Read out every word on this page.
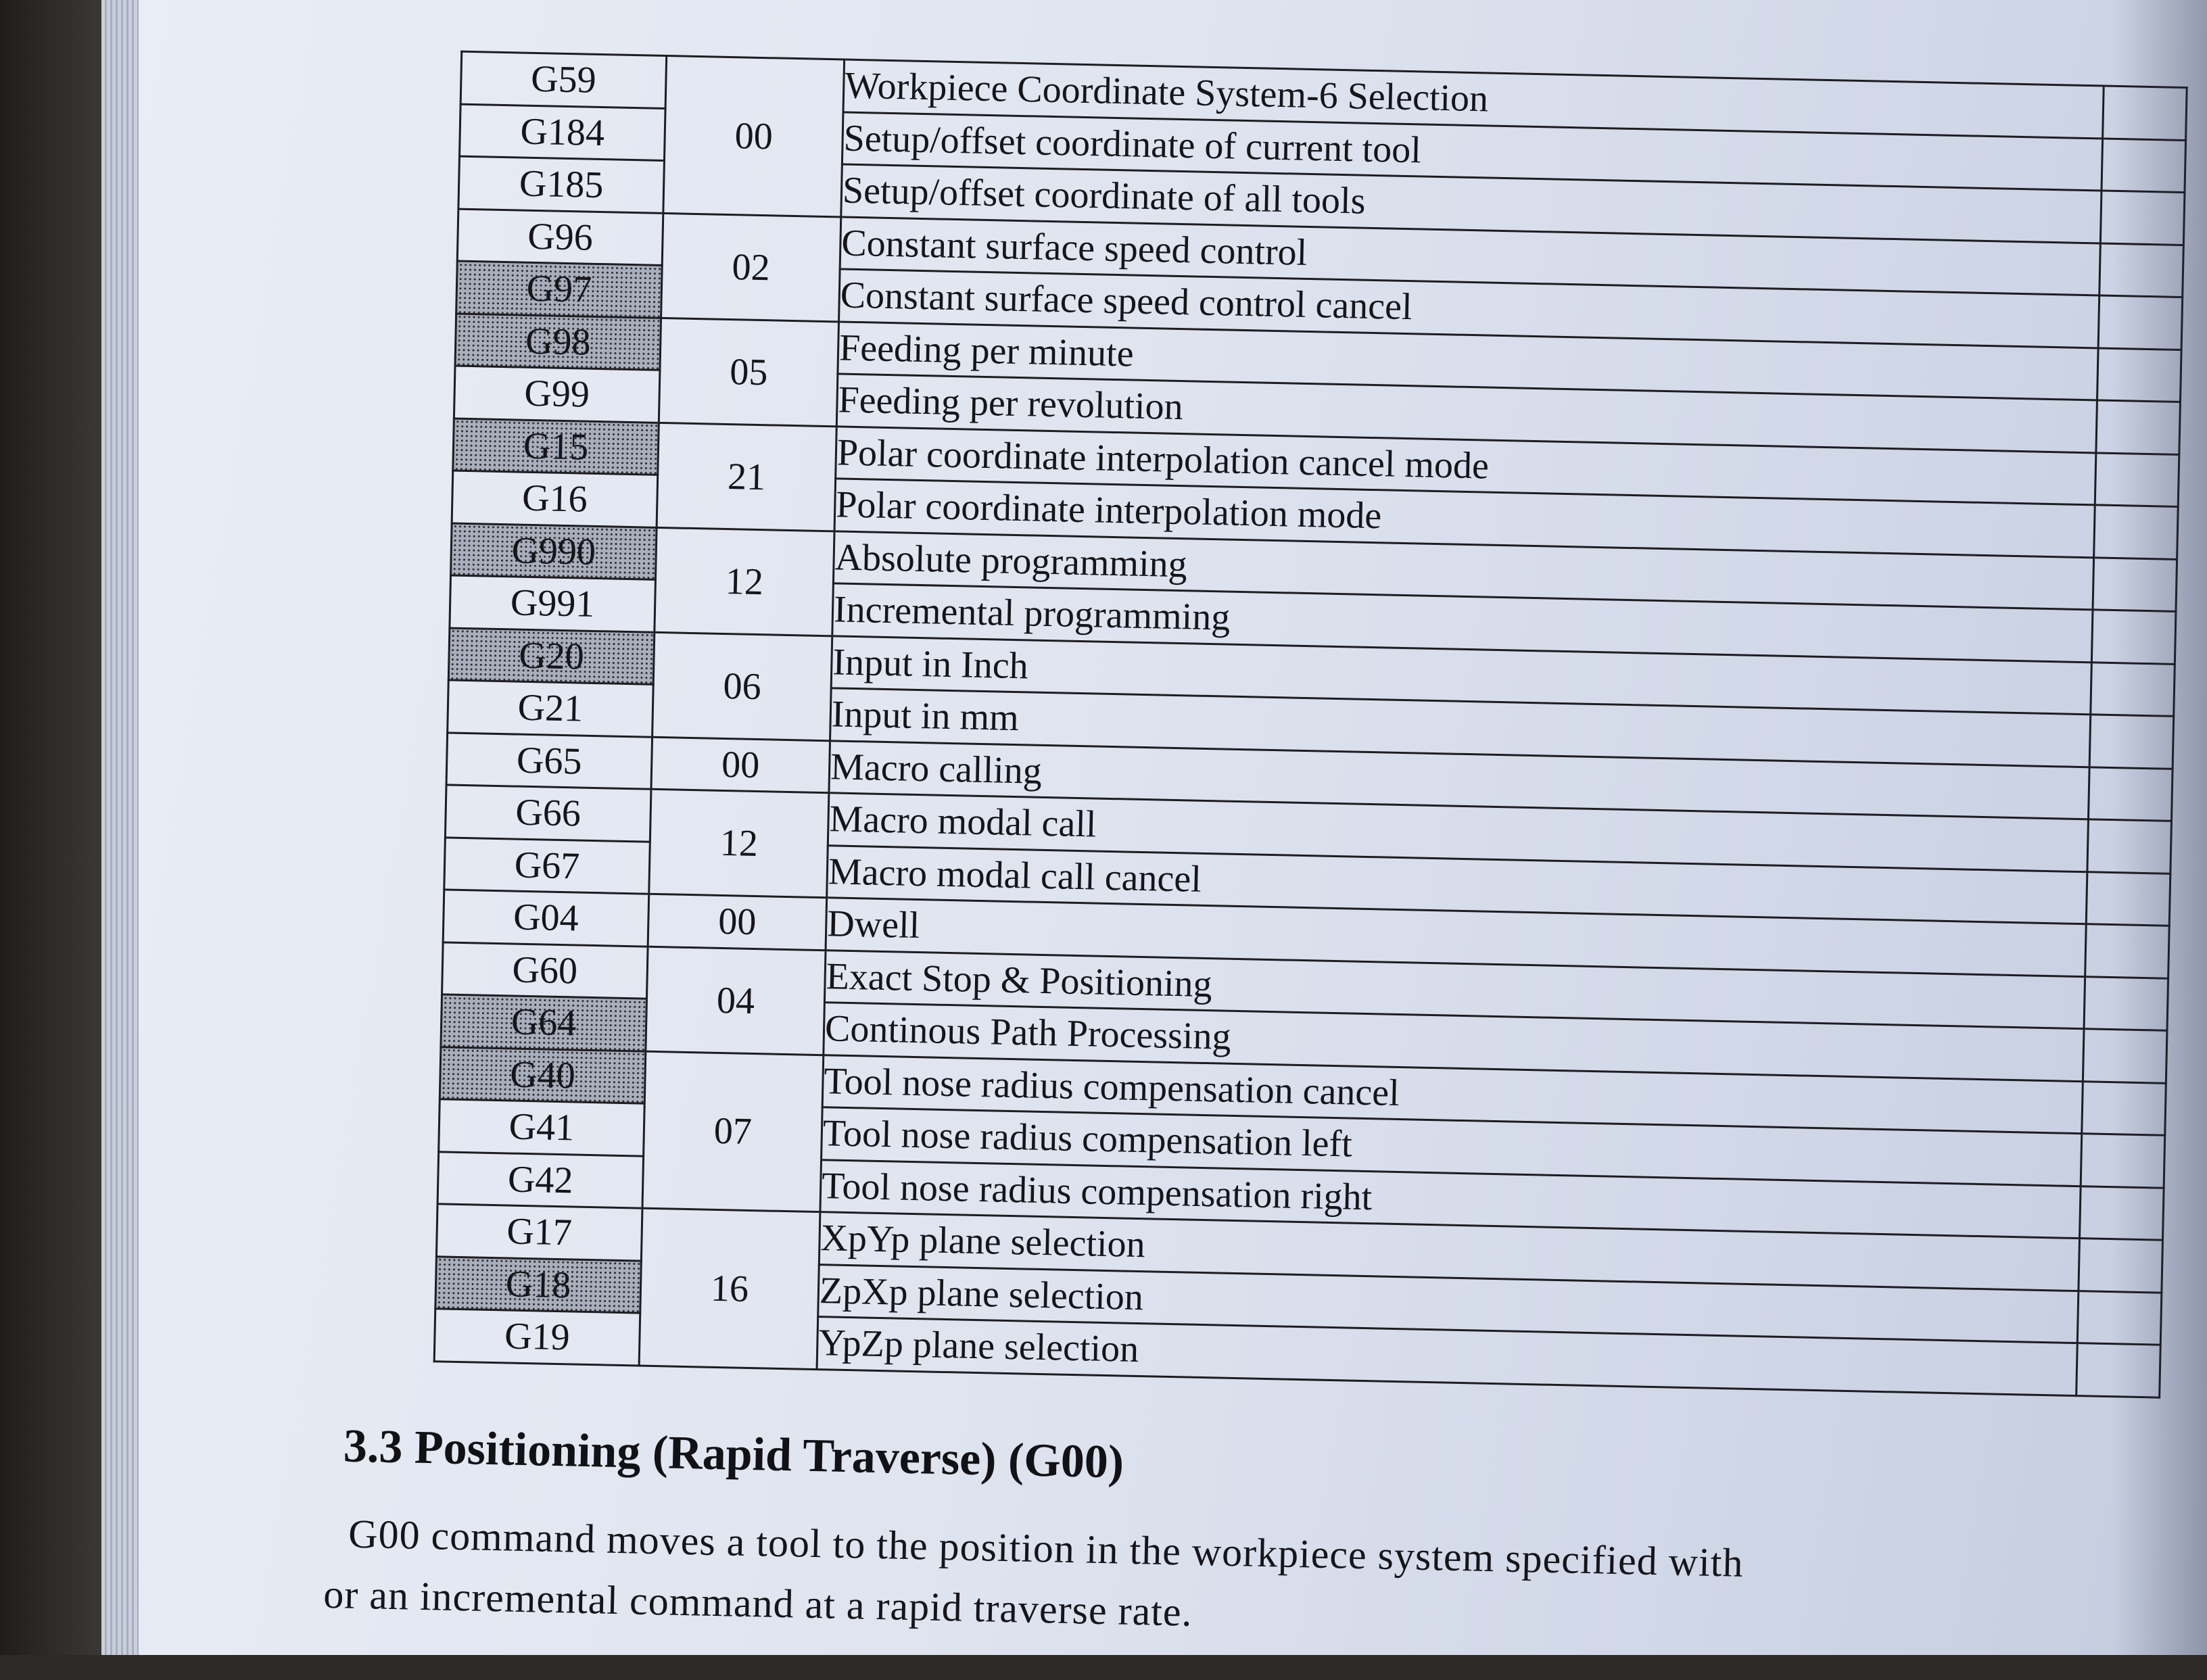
G59	00	Workpiece Coordinate System-6 Selection	
G184		Setup/offset coordinate of current tool	
G185		Setup/offset coordinate of all tools	
G96	02	Constant surface speed control	
G97		Constant surface speed control cancel	
G98	05	Feeding per minute	
G99		Feeding per revolution	
G15	21	Polar coordinate interpolation cancel mode	
G16		Polar coordinate interpolation mode	
G990	12	Absolute programming	
G991		Incremental programming	
G20	06	Input in Inch	
G21		Input in mm	
G65	00	Macro calling	
G66	12	Macro modal call	
G67		Macro modal call cancel	
G04	00	Dwell	
G60	04	Exact Stop & Positioning	
G64		Continous Path Processing	
G40	07	Tool nose radius compensation cancel	
G41		Tool nose radius compensation left	
G42		Tool nose radius compensation right	
G17	16	XpYp plane selection	
G18		ZpXp plane selection	
G19		YpZp plane selection	
3.3 Positioning (Rapid Traverse) (G00)
G00 command moves a tool to the position in the workpiece system specified with
or an incremental command at a rapid traverse rate.
